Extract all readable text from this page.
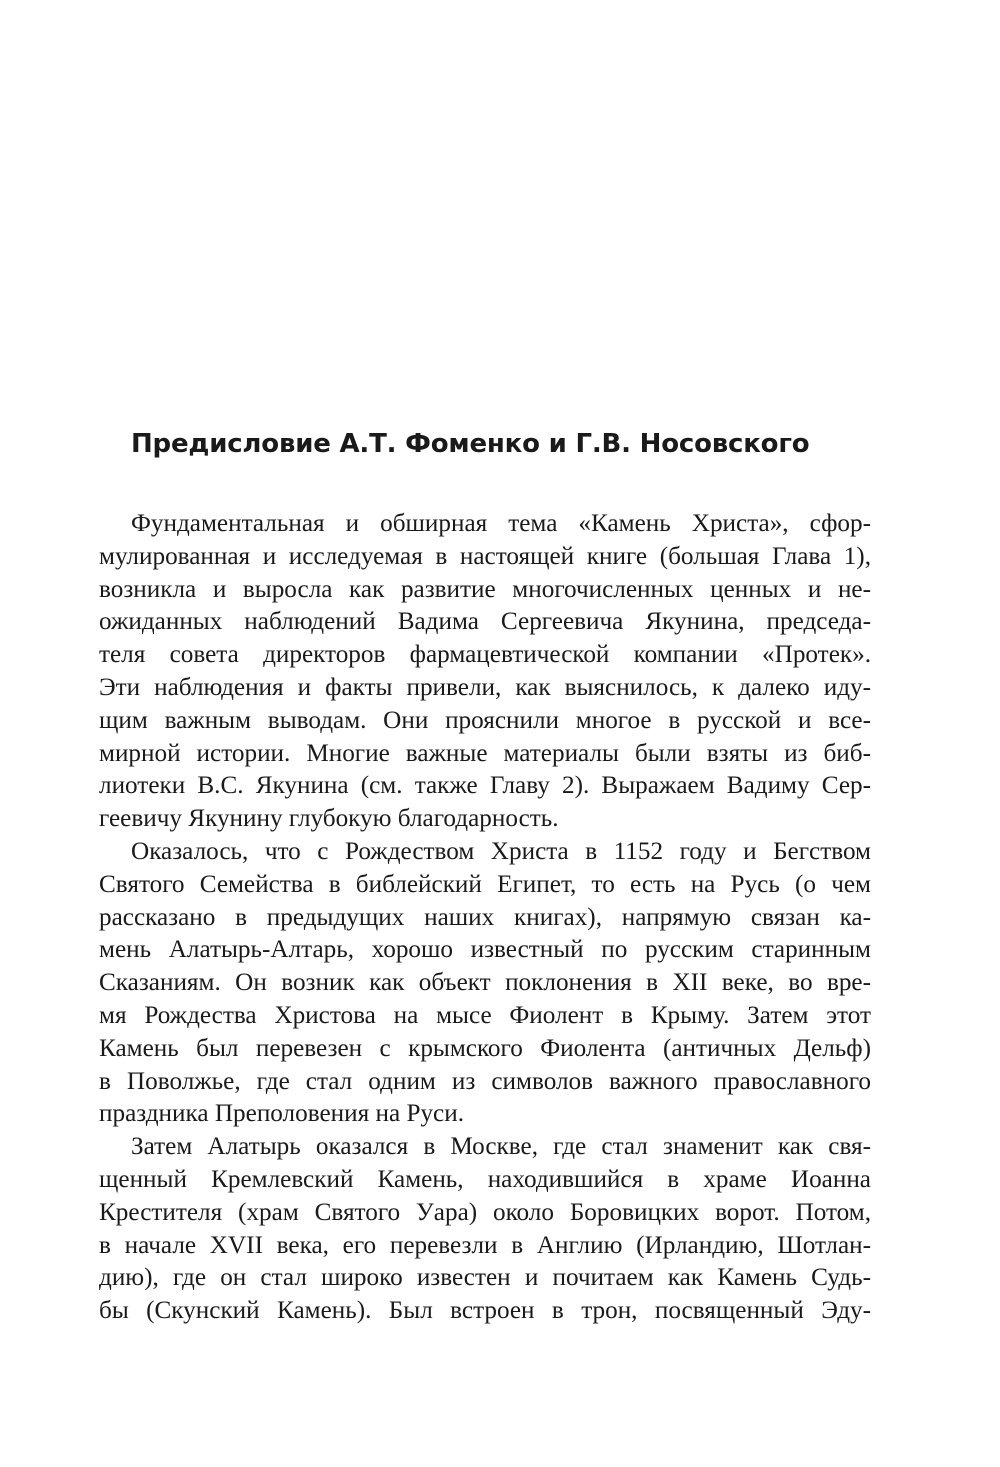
Предисловие А.Т. Фоменко и Г.В. Носовского
Фундаментальная и обширная тема «Камень Христа», сфор-
мулированная и исследуемая в настоящей книге (большая Глава 1),
возникла и выросла как развитие многочисленных ценных и не-
ожиданных наблюдений Вадима Сергеевича Якунина, председа-
теля совета директоров фармацевтической компании «Протек».
Эти наблюдения и факты привели, как выяснилось, к далеко иду-
щим важным выводам. Они прояснили многое в русской и все-
мирной истории. Многие важные материалы были взяты из биб-
лиотеки В.С. Якунина (см. также Главу 2). Выражаем Вадиму Сер-
геевичу Якунину глубокую благодарность.
Оказалось, что с Рождеством Христа в 1152 году и Бегством
Святого Семейства в библейский Египет, то есть на Русь (о чем
рассказано в предыдущих наших книгах), напрямую связан ка-
мень Алатырь-Алтарь, хорошо известный по русским старинным
Сказаниям. Он возник как объект поклонения в XII веке, во вре-
мя Рождества Христова на мысе Фиолент в Крыму. Затем этот
Камень был перевезен с крымского Фиолента (античных Дельф)
в Поволжье, где стал одним из символов важного православного
праздника Преполовения на Руси.
Затем Алатырь оказался в Москве, где стал знаменит как свя-
щенный Кремлевский Камень, находившийся в храме Иоанна
Крестителя (храм Святого Уара) около Боровицких ворот. Потом,
в начале XVII века, его перевезли в Англию (Ирландию, Шотлан-
дию), где он стал широко известен и почитаем как Камень Судь-
бы (Скунский Камень). Был встроен в трон, посвященный Эду-
